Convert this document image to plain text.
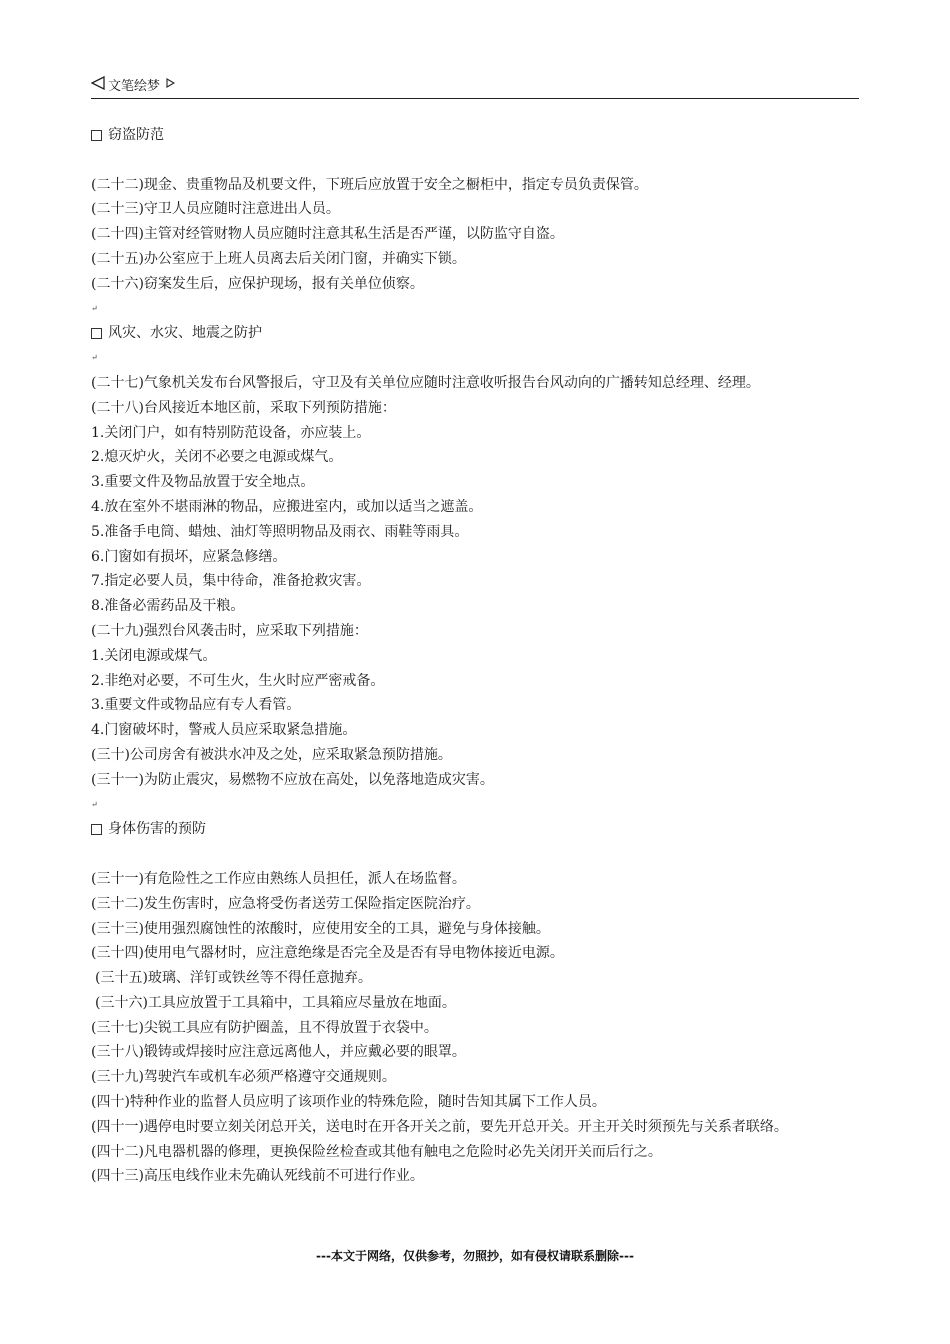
文笔绘梦
窃盗防范
(二十二)现金、贵重物品及机要文件，下班后应放置于安全之橱柜中，指定专员负责保管。
(二十三)守卫人员应随时注意进出人员。
(二十四)主管对经管财物人员应随时注意其私生活是否严谨，以防监守自盗。
(二十五)办公室应于上班人员离去后关闭门窗，并确实下锁。
(二十六)窃案发生后，应保护现场，报有关单位侦察。
↵
风灾、水灾、地震之防护
↵
(二十七)气象机关发布台风警报后，守卫及有关单位应随时注意收听报告台风动向的广播转知总经理、经理。
(二十八)台风接近本地区前，采取下列预防措施：
1.关闭门户，如有特别防范设备，亦应装上。
2.熄灭炉火，关闭不必要之电源或煤气。
3.重要文件及物品放置于安全地点。
4.放在室外不堪雨淋的物品，应搬进室内，或加以适当之遮盖。
5.准备手电筒、蜡烛、油灯等照明物品及雨衣、雨鞋等雨具。
6.门窗如有损坏，应紧急修缮。
7.指定必要人员，集中待命，准备抢救灾害。
8.准备必需药品及干粮。
(二十九)强烈台风袭击时，应采取下列措施：
1.关闭电源或煤气。
2.非绝对必要，不可生火，生火时应严密戒备。
3.重要文件或物品应有专人看管。
4.门窗破坏时，警戒人员应采取紧急措施。
(三十)公司房舍有被洪水冲及之处，应采取紧急预防措施。
(三十一)为防止震灾，易燃物不应放在高处，以免落地造成灾害。
↵
身体伤害的预防
(三十一)有危险性之工作应由熟练人员担任，派人在场监督。
(三十二)发生伤害时，应急将受伤者送劳工保险指定医院治疗。
(三十三)使用强烈腐蚀性的浓酸时，应使用安全的工具，避免与身体接触。
(三十四)使用电气器材时，应注意绝缘是否完全及是否有导电物体接近电源。
(三十五)玻璃、洋钉或铁丝等不得任意抛弃。
(三十六)工具应放置于工具箱中，工具箱应尽量放在地面。
(三十七)尖锐工具应有防护圈盖，且不得放置于衣袋中。
(三十八)锻铸或焊接时应注意远离他人，并应戴必要的眼罩。
(三十九)驾驶汽车或机车必须严格遵守交通规则。
(四十)特种作业的监督人员应明了该项作业的特殊危险，随时告知其属下工作人员。
(四十一)遇停电时要立刻关闭总开关，送电时在开各开关之前，要先开总开关。开主开关时须预先与关系者联络。
(四十二)凡电器机器的修理，更换保险丝检查或其他有触电之危险时必先关闭开关而后行之。
(四十三)高压电线作业未先确认死线前不可进行作业。
---本文于网络，仅供参考，勿照抄，如有侵权请联系删除---
